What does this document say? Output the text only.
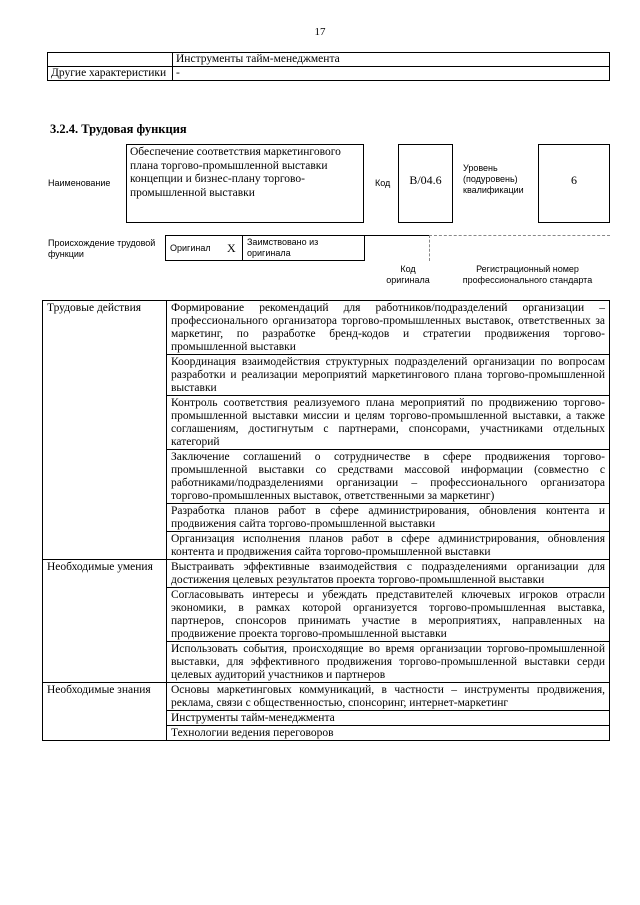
17
	Инструменты тайм-менеджмента
Другие характеристики	-
3.2.4. Трудовая функция
Наименование
Обеспечение соответствия маркетингового плана торгово-промышленной выставки концепции и бизнес-плану торгово-промышленной выставки
Код	B/04.6
Уровень (подуровень) квалификации
6
Происхождение трудовой функции
Оригинал X Заимствовано из оригинала
Код оригинала
Регистрационный номер профессионального стандарта
Трудовые действия	Формирование рекомендаций для работников/подразделений организации – профессионального организатора торгово-промышленных выставок, ответственных за маркетинг, по разработке бренд-кодов и стратегии продвижения торгово-промышленной выставки
	Координация взаимодействия структурных подразделений организации по вопросам разработки и реализации мероприятий маркетингового плана торгово-промышленной выставки
	Контроль соответствия реализуемого плана мероприятий по продвижению торгово-промышленной выставки миссии и целям торгово-промышленной выставки, а также соглашениям, достигнутым с партнерами, спонсорами, участниками отдельных категорий
	Заключение соглашений о сотрудничестве в сфере продвижения торгово-промышленной выставки со средствами массовой информации (совместно с работниками/подразделениями организации – профессионального организатора торгово-промышленных выставок, ответственными за маркетинг)
	Разработка планов работ в сфере администрирования, обновления контента и продвижения сайта торгово-промышленной выставки
	Организация исполнения планов работ в сфере администрирования, обновления контента и продвижения сайта торгово-промышленной выставки
Необходимые умения	Выстраивать эффективные взаимодействия с подразделениями организации для достижения целевых результатов проекта торгово-промышленной выставки
	Согласовывать интересы и убеждать представителей ключевых игроков отрасли экономики, в рамках которой организуется торгово-промышленная выставка, партнеров, спонсоров принимать участие в мероприятиях, направленных на продвижение проекта торгово-промышленной выставки
	Использовать события, происходящие во время организации торгово-промышленной выставки, для эффективного продвижения торгово-промышленной выставки серди целевых аудиторий участников и партнеров
Необходимые знания	Основы маркетинговых коммуникаций, в частности – инструменты продвижения, реклама, связи с общественностью, спонсоринг, интернет-маркетинг
	Инструменты тайм-менеджмента
	Технологии ведения переговоров
